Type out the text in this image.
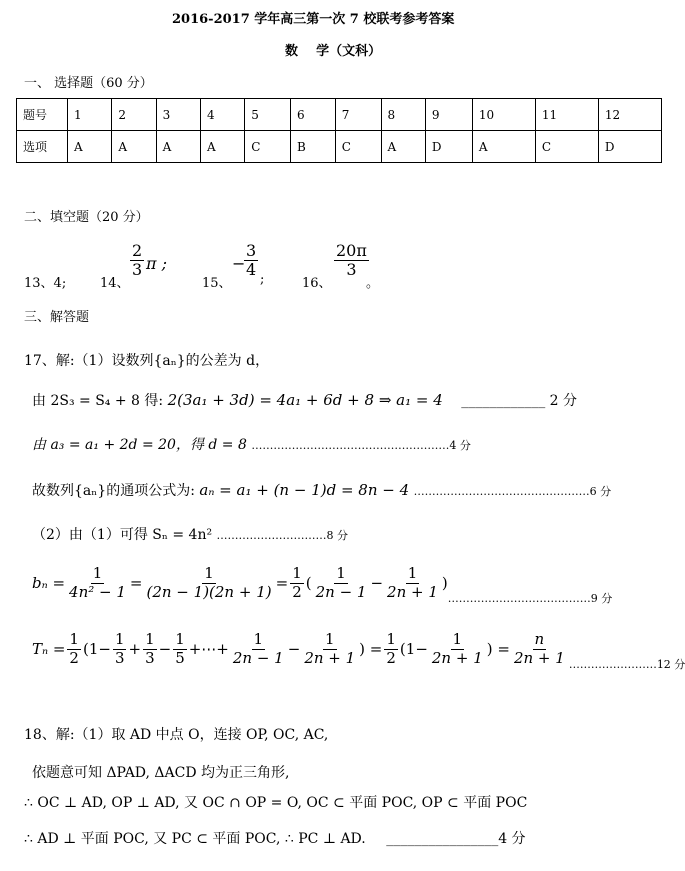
2016-2017 学年高三第一次 7 校联考参考答案
数    学（文科）
一、 选择题（60 分）
题号	1	2	3	4	5	6	7	8	9	10	11	12
选项	A	A	A	A	C	B	C	A	D	A	C	D
二、填空题（20 分）
13、4;	14、
$\frac{2}{3}$ π ;
15、
−
$\frac{3}{4}$ ;	16、
$\frac{20\pi}{3}$
。
三、解答题
17、解:（1）设数列{aₙ}的公差为 d，
由 2S₃ = S₄ + 8 得: 2(3a₁ + 3d) = 4a₁ + 6d + 8 ⇒ a₁ = 4 ____________ 2 分
由 a₃ = a₁ + 2d = 20，得 d = 8 ………………………………………………4 分
故数列{aₙ}的通项公式为: aₙ = a₁ + (n − 1)d = 8n − 4 …………………………………………6 分
（2）由（1）可得 Sₙ = 4n² …………………………8 分
$b_n = \frac{1}{\text{4n² − 1}} = \frac{1}{(2n - 1)(2n + 1)} = \frac{1}{2}$ ( $\frac{1}{2n - 1} - \frac{1}{2n + 1}$ )
…………………………………9 分
$T_n = \frac{1}{2} (1- \frac{1}{3} + \frac{1}{3} - \frac{1}{5}$ +⋯+ $\frac{1}{2n - 1} - \frac{1}{2n + 1}$ ) = $\frac{1}{2} (1- \frac{1}{2n + 1}$ ) = $\frac{n}{2n + 1}$ ……………………12 分
18、解:（1）取 AD 中点 O，连接 OP, OC, AC,
依题意可知 ΔPAD, ΔACD 均为正三角形,
∴ OC ⊥ AD, OP ⊥ AD, 又 OC ∩ OP = O, OC ⊂ 平面 POC, OP ⊂ 平面 POC
∴ AD ⊥ 平面 POC, 又 PC ⊂ 平面 POC, ∴ PC ⊥ AD. ________________4 分
